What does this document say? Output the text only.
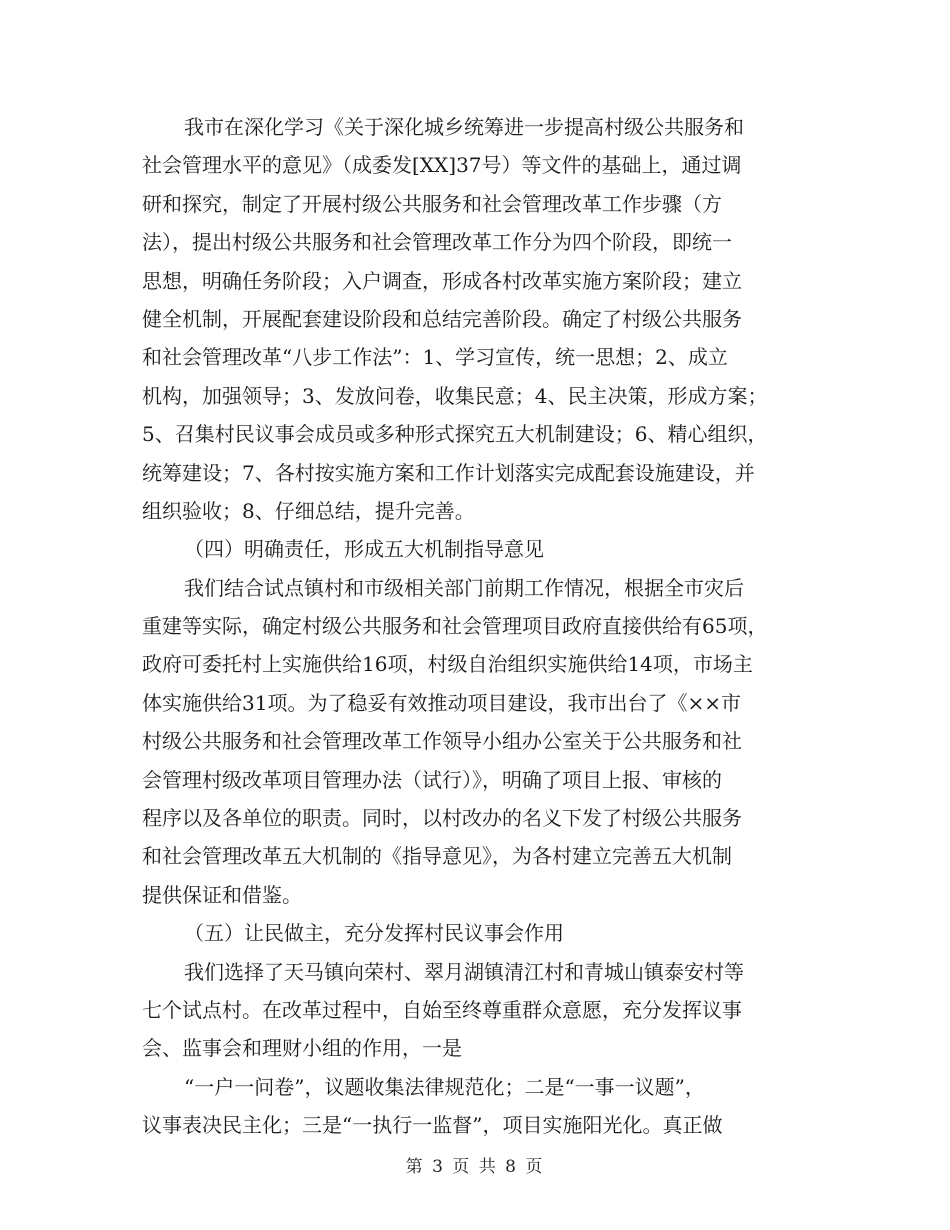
我市在深化学习《关于深化城乡统筹进一步提高村级公共服务和
社会管理水平的意见》（成委发[XX]37号）等文件的基础上，通过调
研和探究，制定了开展村级公共服务和社会管理改革工作步骤（方
法），提出村级公共服务和社会管理改革工作分为四个阶段，即统一
思想，明确任务阶段；入户调查，形成各村改革实施方案阶段；建立
健全机制，开展配套建设阶段和总结完善阶段。确定了村级公共服务
和社会管理改革“八步工作法”：1、学习宣传，统一思想；2、成立
机构，加强领导；3、发放问卷，收集民意；4、民主决策，形成方案；
5、召集村民议事会成员或多种形式探究五大机制建设；6、精心组织，
统筹建设；7、各村按实施方案和工作计划落实完成配套设施建设，并
组织验收；8、仔细总结，提升完善。
（四）明确责任，形成五大机制指导意见
我们结合试点镇村和市级相关部门前期工作情况，根据全市灾后
重建等实际，确定村级公共服务和社会管理项目政府直接供给有65项，
政府可委托村上实施供给16项，村级自治组织实施供给14项，市场主
体实施供给31项。为了稳妥有效推动项目建设，我市出台了《××市
村级公共服务和社会管理改革工作领导小组办公室关于公共服务和社
会管理村级改革项目管理办法（试行）》，明确了项目上报、审核的
程序以及各单位的职责。同时，以村改办的名义下发了村级公共服务
和社会管理改革五大机制的《指导意见》，为各村建立完善五大机制
提供保证和借鉴。
（五）让民做主，充分发挥村民议事会作用
我们选择了天马镇向荣村、翠月湖镇清江村和青城山镇泰安村等
七个试点村。在改革过程中，自始至终尊重群众意愿，充分发挥议事
会、监事会和理财小组的作用，一是
“一户一问卷”，议题收集法律规范化；二是“一事一议题”，
议事表决民主化；三是“一执行一监督”，项目实施阳光化。真正做
第 3 页 共 8 页
